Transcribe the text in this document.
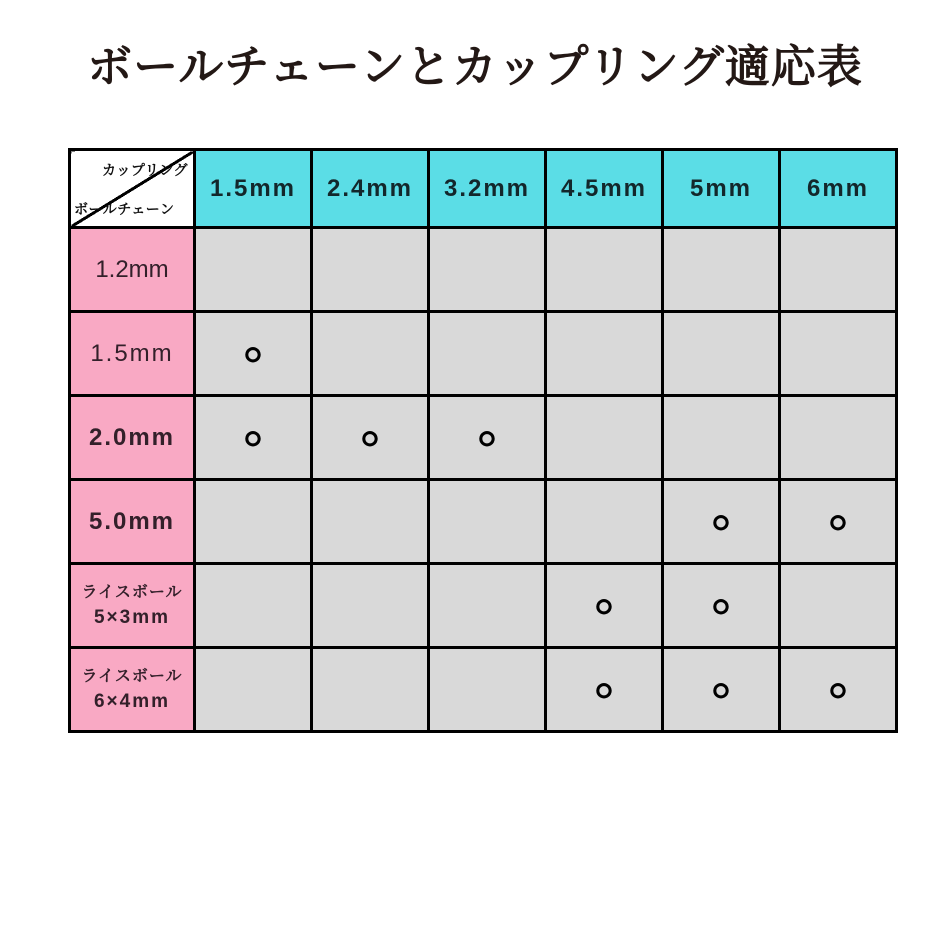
ボールチェーンとカップリング適応表
カップリング
ボールチェーン	1.5mm	2.4mm	3.2mm	4.5mm	5mm	6mm
1.2mm						
1.5mm	○					
2.0mm	○	○	○			
5.0mm					○	○

ライスボール
5×3mm				○	○	

ライスボール
6×4mm				○	○	○
